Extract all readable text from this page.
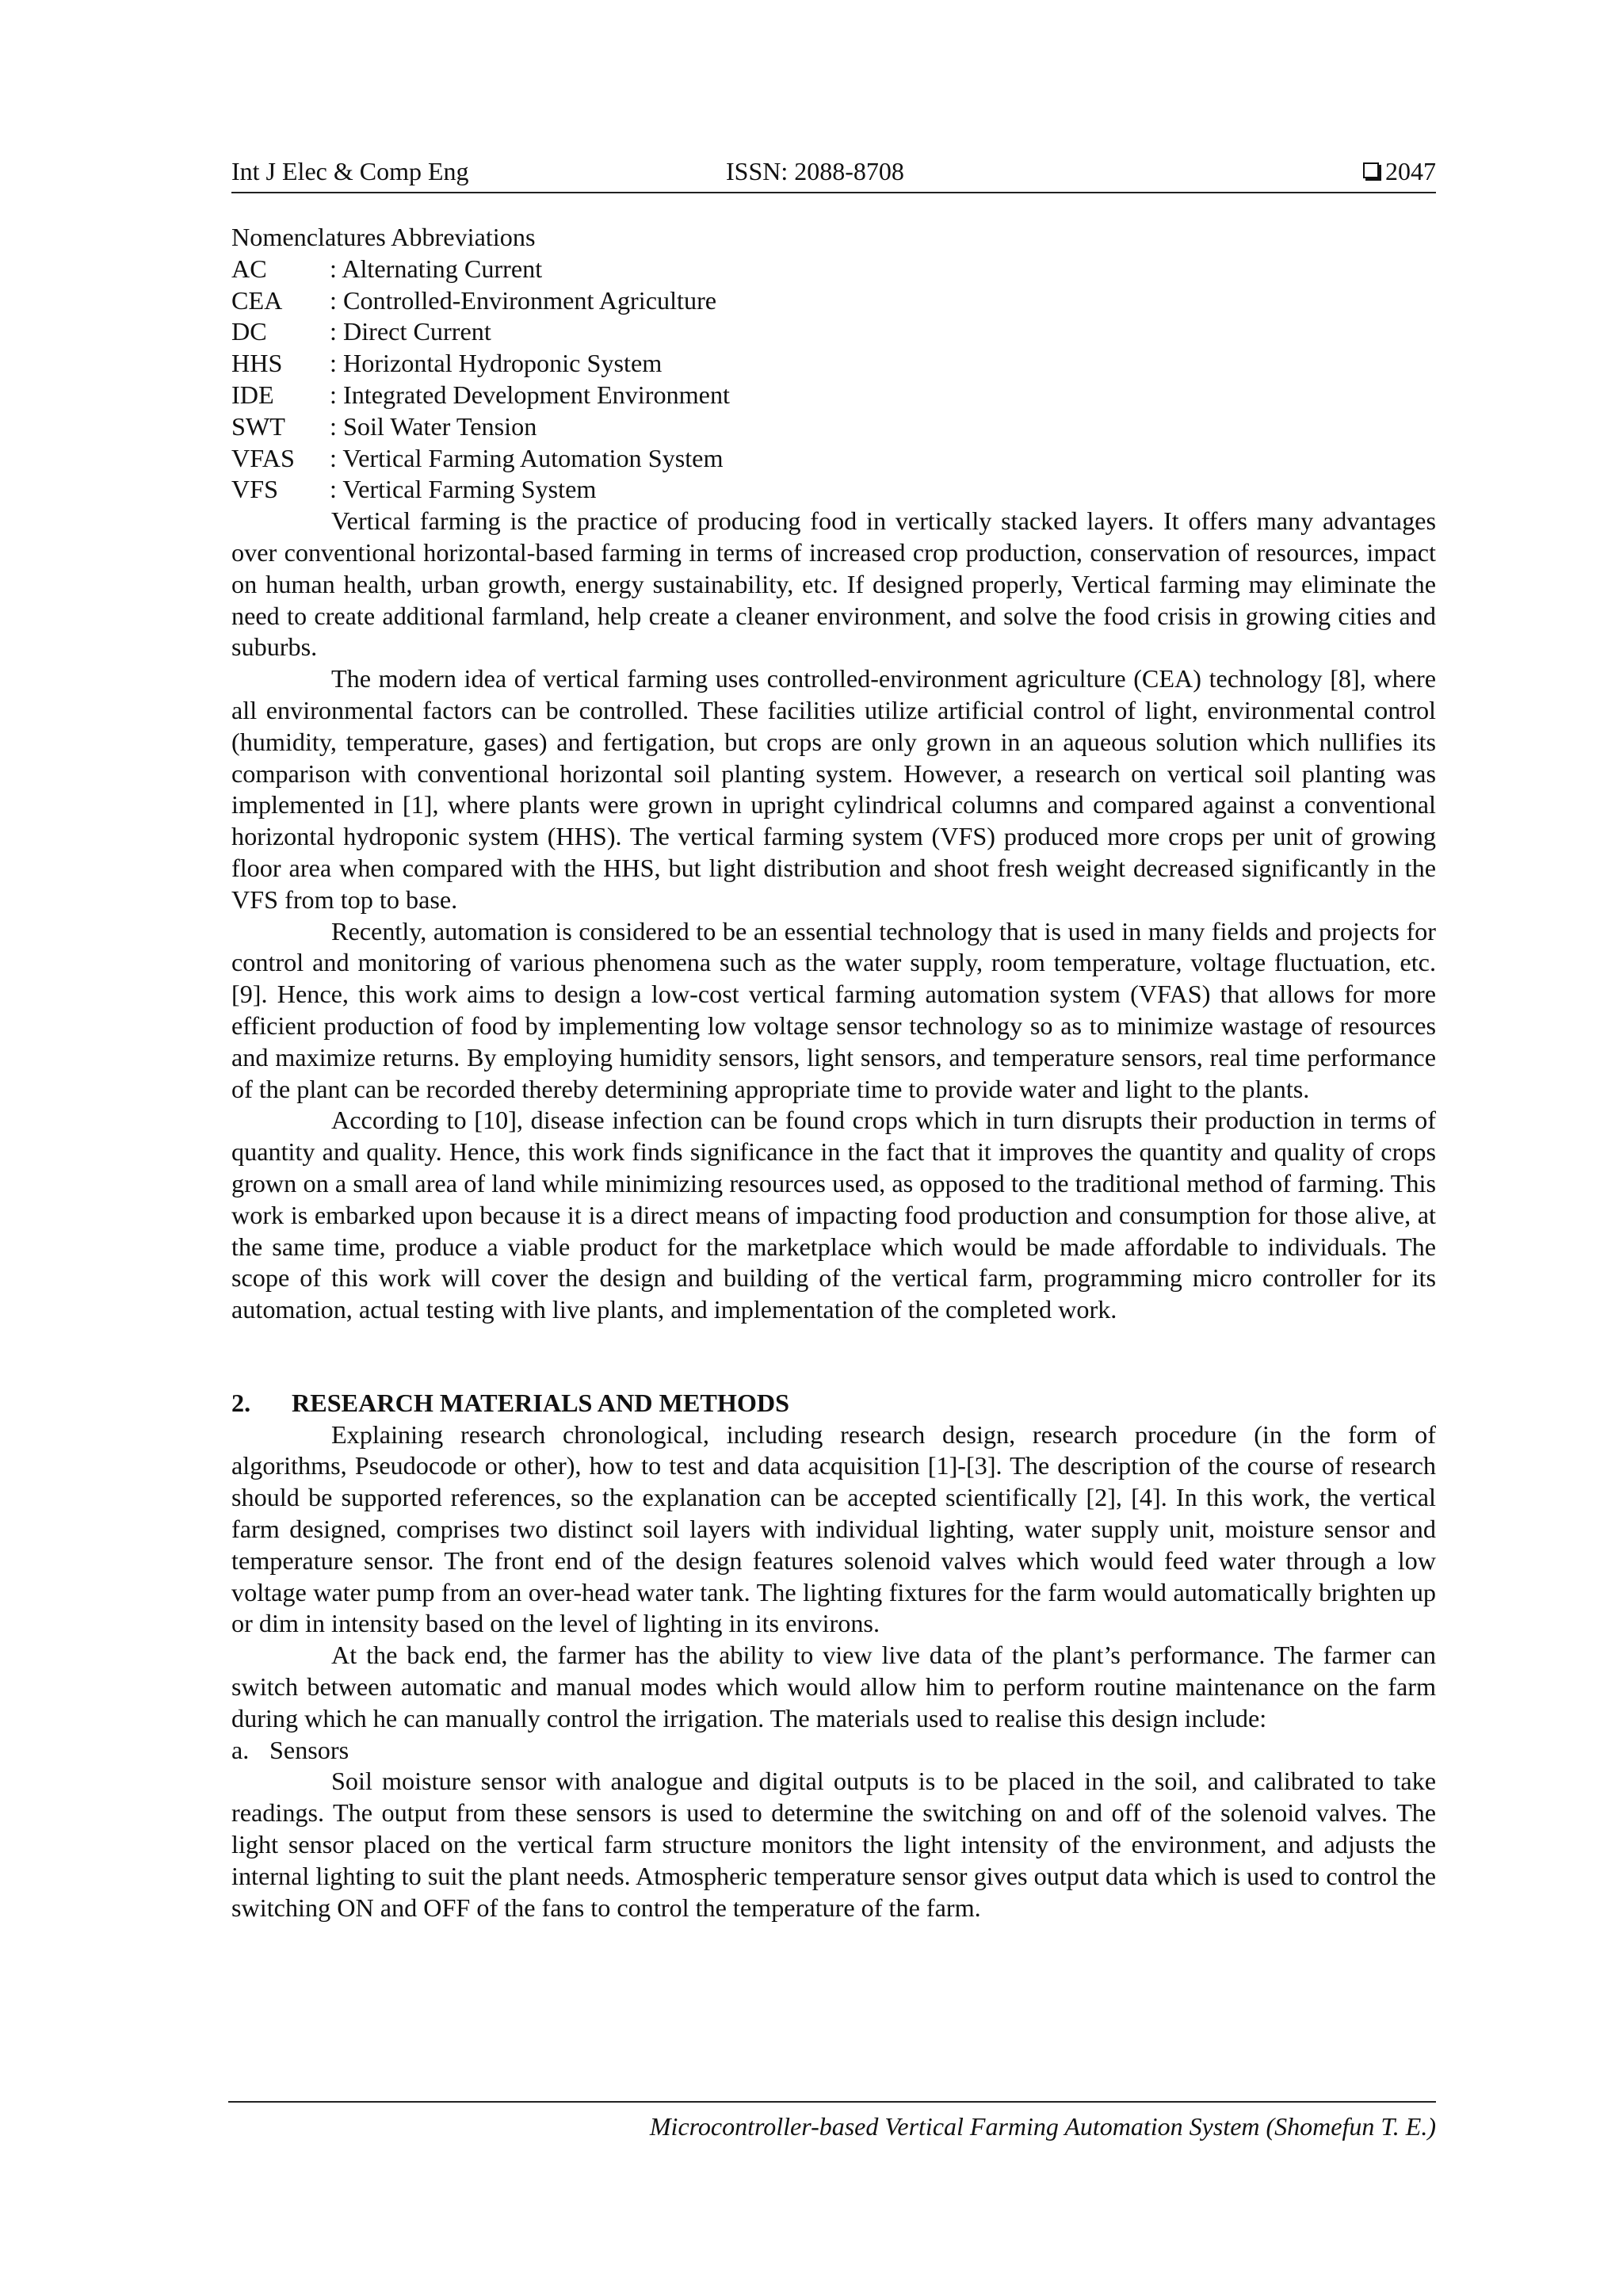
Int J Elec & Comp Eng	ISSN: 2088-8708	2047
Nomenclatures Abbreviations
AC	: Alternating Current
CEA	: Controlled-Environment Agriculture
DC	: Direct Current
HHS	: Horizontal Hydroponic System
IDE	: Integrated Development Environment
SWT	: Soil Water Tension
VFAS	: Vertical Farming Automation System
VFS	: Vertical Farming System

Vertical farming is the practice of producing food in vertically stacked layers. It offers many advantages over conventional horizontal-based farming in terms of increased crop production, conservation of resources, impact on human health, urban growth, energy sustainability, etc. If designed properly, Vertical farming may eliminate the need to create additional farmland, help create a cleaner environment, and solve the food crisis in growing cities and suburbs.

The modern idea of vertical farming uses controlled-environment agriculture (CEA) technology [8], where all environmental factors can be controlled. These facilities utilize artificial control of light, environmental control (humidity, temperature, gases) and fertigation, but crops are only grown in an aqueous solution which nullifies its comparison with conventional horizontal soil planting system. However, a research on vertical soil planting was implemented in [1], where plants were grown in upright cylindrical columns and compared against a conventional horizontal hydroponic system (HHS). The vertical farming system (VFS) produced more crops per unit of growing floor area when compared with the HHS, but light distribution and shoot fresh weight decreased significantly in the VFS from top to base.

Recently, automation is considered to be an essential technology that is used in many fields and projects for control and monitoring of various phenomena such as the water supply, room temperature, voltage fluctuation, etc. [9]. Hence, this work aims to design a low-cost vertical farming automation system (VFAS) that allows for more efficient production of food by implementing low voltage sensor technology so as to minimize wastage of resources and maximize returns. By employing humidity sensors, light sensors, and temperature sensors, real time performance of the plant can be recorded thereby determining appropriate time to provide water and light to the plants.

According to [10], disease infection can be found crops which in turn disrupts their production in terms of quantity and quality. Hence, this work finds significance in the fact that it improves the quantity and quality of crops grown on a small area of land while minimizing resources used, as opposed to the traditional method of farming. This work is embarked upon because it is a direct means of impacting food production and consumption for those alive, at the same time, produce a viable product for the marketplace which would be made affordable to individuals. The scope of this work will cover the design and building of the vertical farm, programming micro controller for its automation, actual testing with live plants, and implementation of the completed work.

2.	RESEARCH MATERIALS AND METHODS

Explaining research chronological, including research design, research procedure (in the form of algorithms, Pseudocode or other), how to test and data acquisition [1]-[3]. The description of the course of research should be supported references, so the explanation can be accepted scientifically [2], [4]. In this work, the vertical farm designed, comprises two distinct soil layers with individual lighting, water supply unit, moisture sensor and temperature sensor. The front end of the design features solenoid valves which would feed water through a low voltage water pump from an over-head water tank. The lighting fixtures for the farm would automatically brighten up or dim in intensity based on the level of lighting in its environs.

At the back end, the farmer has the ability to view live data of the plant’s performance. The farmer can switch between automatic and manual modes which would allow him to perform routine maintenance on the farm during which he can manually control the irrigation. The materials used to realise this design include:

a. Sensors

Soil moisture sensor with analogue and digital outputs is to be placed in the soil, and calibrated to take readings. The output from these sensors is used to determine the switching on and off of the solenoid valves. The light sensor placed on the vertical farm structure monitors the light intensity of the environment, and adjusts the internal lighting to suit the plant needs. Atmospheric temperature sensor gives output data which is used to control the switching ON and OFF of the fans to control the temperature of the farm.

Microcontroller-based Vertical Farming Automation System (Shomefun T. E.)
